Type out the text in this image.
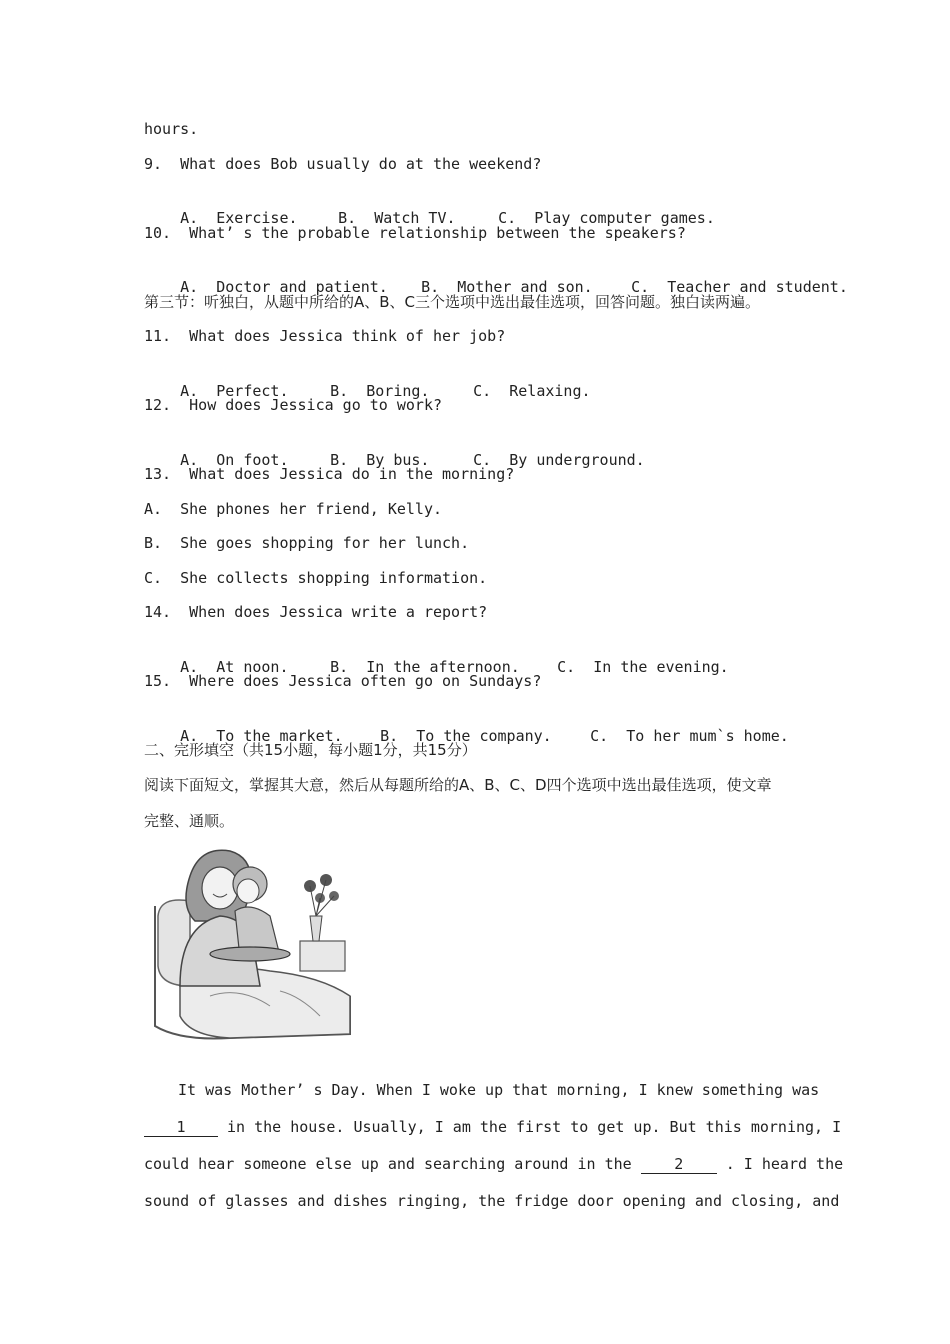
hours.
9.  What does Bob usually do at the weekend?

A.  Exercise.	B.  Watch TV.	C.  Play computer games.

10.  What’ s the probable relationship between the speakers?

A.  Doctor and patient. B.  Mother and son.	C.  Teacher and student.

第三节：听独白，从题中所给的A、B、C三个选项中选出最佳选项，回答问题。独白读两遍。
11.  What does Jessica think of her job?

A.  Perfect.	B.  Boring.	C.  Relaxing.

12.  How does Jessica go to work?

A.  On foot.	B.  By bus.	C.  By underground.

13.  What does Jessica do in the morning?
A.  She phones her friend, Kelly.
B.  She goes shopping for her lunch.
C.  She collects shopping information.
14.  When does Jessica write a report?

A.  At noon.	B.  In the afternoon. C.  In the evening.

15.  Where does Jessica often go on Sundays?

A.  To the market. B.  To the company.	C.  To her mum`s home.

二、完形填空（共15小题，每小题1分，共15分）
阅读下面短文，掌握其大意，然后从每题所给的A、B、C、D四个选项中选出最佳选项，使文章
完整、通顺。
It was Mother’ s Day. When I woke up that morning, I knew something was
1 in the house. Usually, I am the first to get up. But this morning, I
could hear someone else up and searching around in the 2 . I heard the
sound of glasses and dishes ringing, the fridge door opening and closing, and
